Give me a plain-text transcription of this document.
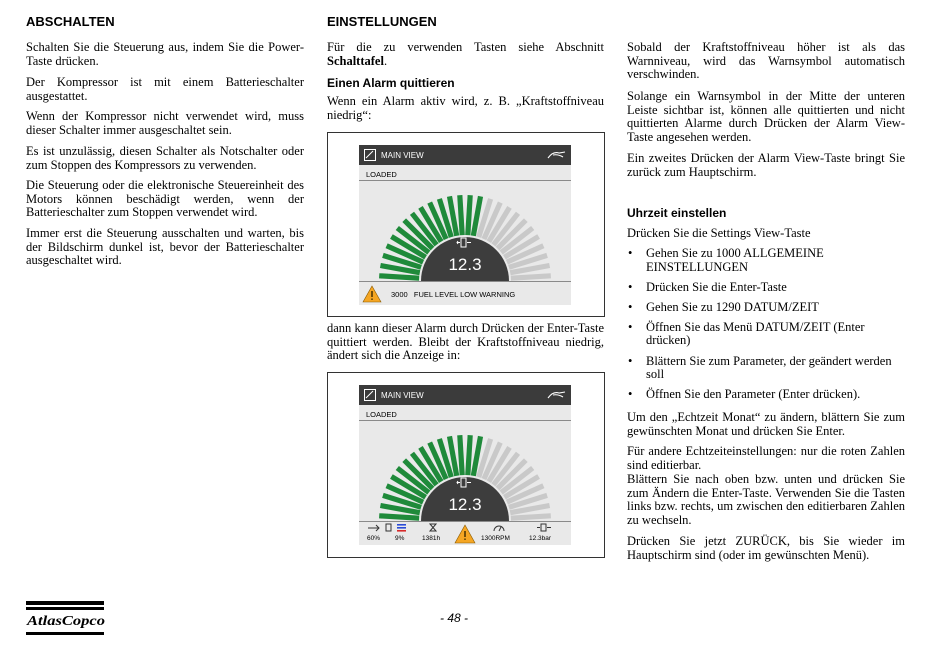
ABSCHALTEN

Schalten Sie die Steuerung aus, indem Sie die Power-Taste drücken.

Der Kompressor ist mit einem Batterieschalter ausgestattet.

Wenn der Kompressor nicht verwendet wird, muss dieser Schalter immer ausgeschaltet sein.

Es ist unzulässig, diesen Schalter als Notschalter oder zum Stoppen des Kompressors zu verwenden.

Die Steuerung oder die elektronische Steuereinheit des Motors können beschädigt werden, wenn der Batterieschalter zum Stoppen verwendet wird.

Immer erst die Steuerung ausschalten und warten, bis der Bildschirm dunkel ist, bevor der Batterieschalter ausgeschaltet wird.

EINSTELLUNGEN

Für die zu verwenden Tasten siehe Abschnitt Schalttafel.

Einen Alarm quittieren

Wenn ein Alarm aktiv wird, z. B. „Kraftstoffniveau niedrig“:

MAIN VIEW
LOADED
12.3
3000   FUEL LEVEL LOW WARNING

dann kann dieser Alarm durch Drücken der Enter-Taste quittiert werden. Bleibt der Kraftstoffniveau niedrig, ändert sich die Anzeige in:

MAIN VIEW
LOADED
12.3
60% 9%	1381h	1300RPM	12.3bar

Sobald der Kraftstoffniveau höher ist als das Warnniveau, wird das Warnsymbol automatisch verschwinden.

Solange ein Warnsymbol in der Mitte der unteren Leiste sichtbar ist, können alle quittierten und nicht quittierten Alarme durch Drücken der Alarm View-Taste angesehen werden.

Ein zweites Drücken der Alarm View-Taste bringt Sie zurück zum Hauptschirm.

Uhrzeit einstellen

Drücken Sie die Settings View-Taste

• Gehen Sie zu 1000 ALLGEMEINE EINSTELLUNGEN
• Drücken Sie die Enter-Taste
• Gehen Sie zu 1290 DATUM/ZEIT
• Öffnen Sie das Menü DATUM/ZEIT (Enter drücken)
• Blättern Sie zum Parameter, der geändert werden soll
• Öffnen Sie den Parameter (Enter drücken).

Um den „Echtzeit Monat“ zu ändern, blättern Sie zum gewünschten Monat und drücken Sie Enter.

Für andere Echtzeiteinstellungen: nur die roten Zahlen sind editierbar.

Blättern Sie nach oben bzw. unten und drücken Sie zum Ändern die Enter-Taste. Verwenden Sie die Tasten links bzw. rechts, um zwischen den editierbaren Zahlen zu wechseln.

Drücken Sie jetzt ZURÜCK, bis Sie wieder im Hauptschirm sind (oder im gewünschten Menü).

AtlasCopco	- 48 -
